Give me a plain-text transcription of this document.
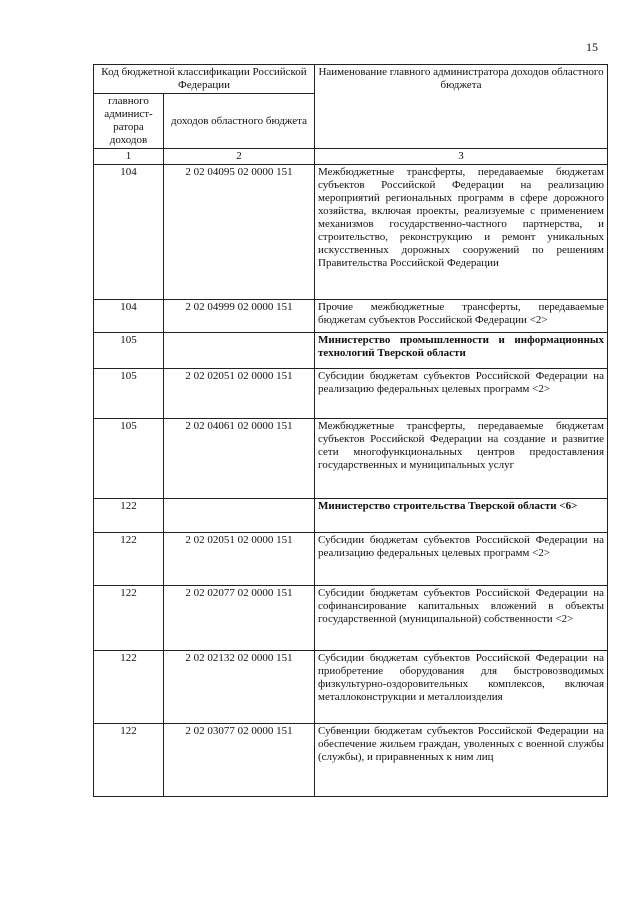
15
Код бюджетной классификации Российской Федерации		Наименование главного администратора доходов областного бюджета
главного админист-ратора доходов	доходов областного бюджета	
1	2	3
104	2 02 04095 02 0000 151	Межбюджетные трансферты, передаваемые бюджетам субъектов Российской Федерации на реализацию мероприятий региональных программ в сфере дорожного хозяйства, включая проекты, реализуемые с применением механизмов государственно-частного партнерства, и строительство, реконструкцию и ремонт уникальных искусственных дорожных сооружений по решениям Правительства Российской Федерации
104	2 02 04999 02 0000 151	Прочие межбюджетные трансферты, передаваемые бюджетам субъектов Российской Федерации <2>
105		Министерство промышленности и информационных технологий Тверской области
105	2 02 02051 02 0000 151	Субсидии бюджетам субъектов Российской Федерации на реализацию федеральных целевых программ <2>
105	2 02 04061 02 0000 151	Межбюджетные трансферты, передаваемые бюджетам субъектов Российской Федерации на создание и развитие сети многофункциональных центров предоставления государственных и муниципальных услуг
122		Министерство строительства Тверской области <6>
122	2 02 02051 02 0000 151	Субсидии бюджетам субъектов Российской Федерации на реализацию федеральных целевых программ <2>
122	2 02 02077 02 0000 151	Субсидии бюджетам субъектов Российской Федерации на софинансирование капитальных вложений в объекты государственной (муниципальной) собственности <2>
122	2 02 02132 02 0000 151	Субсидии бюджетам субъектов Российской Федерации на приобретение оборудования для быстровозводимых физкультурно-оздоровительных комплексов, включая металлоконструкции и металлоизделия
122	2 02 03077 02 0000 151	Субвенции бюджетам субъектов Российской Федерации на обеспечение жильем граждан, уволенных с военной службы (службы), и приравненных к ним лиц
